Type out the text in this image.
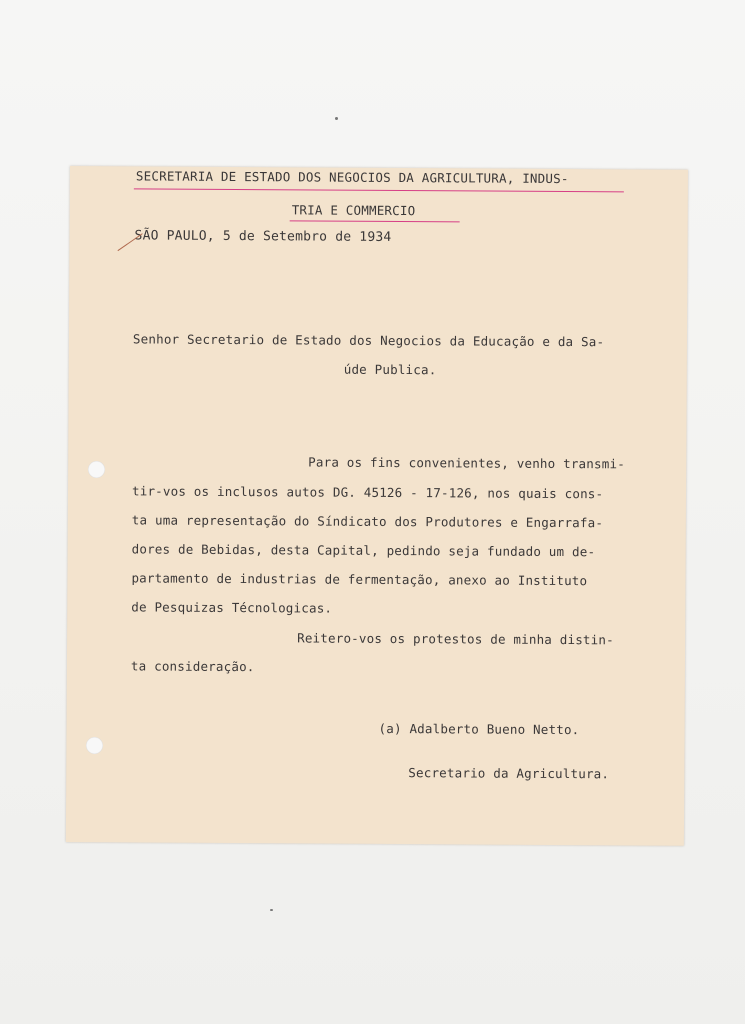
SECRETARIA DE ESTADO DOS NEGOCIOS DA AGRICULTURA, INDUS-

TRIA E COMMERCIO

SÃO PAULO, 5 de Setembro de 1934

Senhor Secretario de Estado dos Negocios da Educação e da Sa-

úde Publica.

Para os fins convenientes, venho transmi-

tir-vos os inclusos autos DG. 45126 - 17-126, nos quais cons-

ta uma representação do Síndicato dos Produtores e Engarrafa-

dores de Bebidas, desta Capital, pedindo seja fundado um de-

partamento de industrias de fermentação, anexo ao Instituto

de Pesquizas Técnologicas.

Reitero-vos os protestos de minha distin-

ta consideração.

(a) Adalberto Bueno Netto.

Secretario da Agricultura.
